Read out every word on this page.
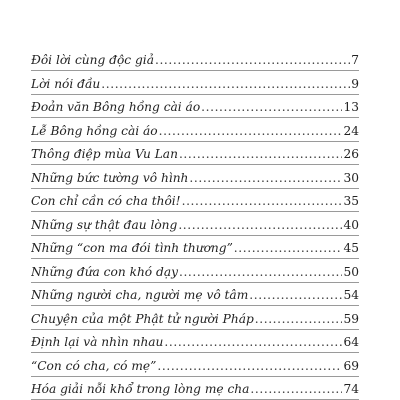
Đôi lời cùng độc giả .....	7
Lời nói đầu .....	9
Đoản văn Bông hồng cài áo .....	13
Lễ Bông hồng cài áo .....	24
Thông điệp mùa Vu Lan .....	26
Những bức tường vô hình .....	30
Con chỉ cần có cha thôi! .....	35
Những sự thật đau lòng .....	40
Những “con ma đói tình thương” .....	45
Những đứa con khó dạy .....	50
Những người cha, người mẹ vô tâm .....	54
Chuyện của một Phật tử người Pháp .....	59
Định lại và nhìn nhau .....	64
“Con có cha, có mẹ” .....	69
Hóa giải nỗi khổ trong lòng mẹ cha .....	74
